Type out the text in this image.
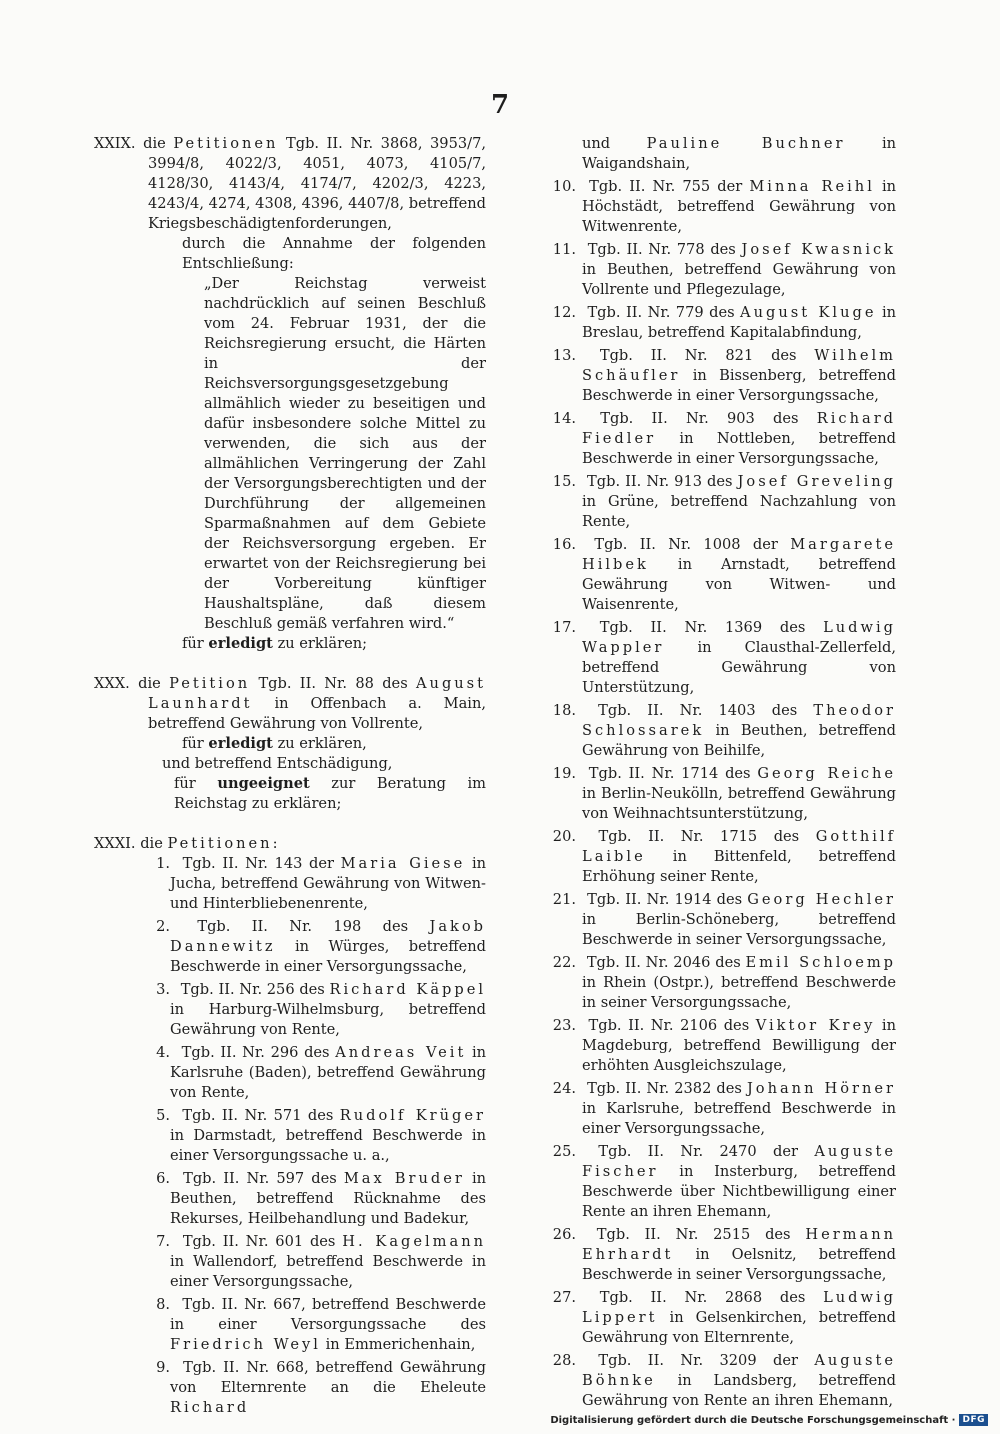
7
XXIX. die Petitionen Tgb. II. Nr. 3868, 3953/7, 3994/8, 4022/3, 4051, 4073, 4105/7, 4128/30, 4143/4, 4174/7, 4202/3, 4223, 4243/4, 4274, 4308, 4396, 4407/8, betreffend Kriegsbeschädigtenforderungen,
durch die Annahme der folgenden Entschließung:
„Der Reichstag verweist nachdrücklich auf seinen Beschluß vom 24. Februar 1931, der die Reichsregierung ersucht, die Härten in der Reichsversorgungsgesetzgebung allmählich wieder zu beseitigen und dafür insbesondere solche Mittel zu verwenden, die sich aus der allmählichen Verringerung der Zahl der Versorgungsberechtigten und der Durchführung der allgemeinen Sparmaßnahmen auf dem Gebiete der Reichsversorgung ergeben. Er erwartet von der Reichsregierung bei der Vorbereitung künftiger Haushaltspläne, daß diesem Beschluß gemäß verfahren wird.“
für erledigt zu erklären;
XXX. die Petition Tgb. II. Nr. 88 des August Launhardt in Offenbach a. Main, betreffend Gewährung von Vollrente,
für erledigt zu erklären,
und betreffend Entschädigung,
für ungeeignet zur Beratung im Reichstag zu erklären;
XXXI. die Petitionen:
1. Tgb. II. Nr. 143 der Maria Giese in Jucha, betreffend Gewährung von Witwen- und Hinterbliebenenrente,
2. Tgb. II. Nr. 198 des Jakob Dannewitz in Würges, betreffend Beschwerde in einer Versorgungssache,
3. Tgb. II. Nr. 256 des Richard Käppel in Harburg-Wilhelmsburg, betreffend Gewährung von Rente,
4. Tgb. II. Nr. 296 des Andreas Veit in Karlsruhe (Baden), betreffend Gewährung von Rente,
5. Tgb. II. Nr. 571 des Rudolf Krüger in Darmstadt, betreffend Beschwerde in einer Versorgungssache u. a.,
6. Tgb. II. Nr. 597 des Max Bruder in Beuthen, betreffend Rücknahme des Rekurses, Heilbehandlung und Badekur,
7. Tgb. II. Nr. 601 des H. Kagelmann in Wallendorf, betreffend Beschwerde in einer Versorgungssache,
8. Tgb. II. Nr. 667, betreffend Beschwerde in einer Versorgungssache des Friedrich Weyl in Emmerichenhain,
9. Tgb. II. Nr. 668, betreffend Gewährung von Elternrente an die Eheleute Richard
und Pauline Buchner in Waigandshain,
10. Tgb. II. Nr. 755 der Minna Reihl in Höchstädt, betreffend Gewährung von Witwenrente,
11. Tgb. II. Nr. 778 des Josef Kwasnick in Beuthen, betreffend Gewährung von Vollrente und Pflegezulage,
12. Tgb. II. Nr. 779 des August Kluge in Breslau, betreffend Kapitalabfindung,
13. Tgb. II. Nr. 821 des Wilhelm Schäufler in Bissenberg, betreffend Beschwerde in einer Versorgungssache,
14. Tgb. II. Nr. 903 des Richard Fiedler in Nottleben, betreffend Beschwerde in einer Versorgungssache,
15. Tgb. II. Nr. 913 des Josef Greveling in Grüne, betreffend Nachzahlung von Rente,
16. Tgb. II. Nr. 1008 der Margarete Hilbek in Arnstadt, betreffend Gewährung von Witwen- und Waisenrente,
17. Tgb. II. Nr. 1369 des Ludwig Wappler in Clausthal-Zellerfeld, betreffend Gewährung von Unterstützung,
18. Tgb. II. Nr. 1403 des Theodor Schlossarek in Beuthen, betreffend Gewährung von Beihilfe,
19. Tgb. II. Nr. 1714 des Georg Reiche in Berlin-Neukölln, betreffend Gewährung von Weihnachtsunterstützung,
20. Tgb. II. Nr. 1715 des Gotthilf Laible in Bittenfeld, betreffend Erhöhung seiner Rente,
21. Tgb. II. Nr. 1914 des Georg Hechler in Berlin-Schöneberg, betreffend Beschwerde in seiner Versorgungssache,
22. Tgb. II. Nr. 2046 des Emil Schloemp in Rhein (Ostpr.), betreffend Beschwerde in seiner Versorgungssache,
23. Tgb. II. Nr. 2106 des Viktor Krey in Magdeburg, betreffend Bewilligung der erhöhten Ausgleichszulage,
24. Tgb. II. Nr. 2382 des Johann Hörner in Karlsruhe, betreffend Beschwerde in einer Versorgungssache,
25. Tgb. II. Nr. 2470 der Auguste Fischer in Insterburg, betreffend Beschwerde über Nichtbewilligung einer Rente an ihren Ehemann,
26. Tgb. II. Nr. 2515 des Hermann Ehrhardt in Oelsnitz, betreffend Beschwerde in seiner Versorgungssache,
27. Tgb. II. Nr. 2868 des Ludwig Lippert in Gelsenkirchen, betreffend Gewährung von Elternrente,
28. Tgb. II. Nr. 3209 der Auguste Böhnke in Landsberg, betreffend Gewährung von Rente an ihren Ehemann,
Digitalisierung gefördert durch die Deutsche Forschungsgemeinschaft · DFG
